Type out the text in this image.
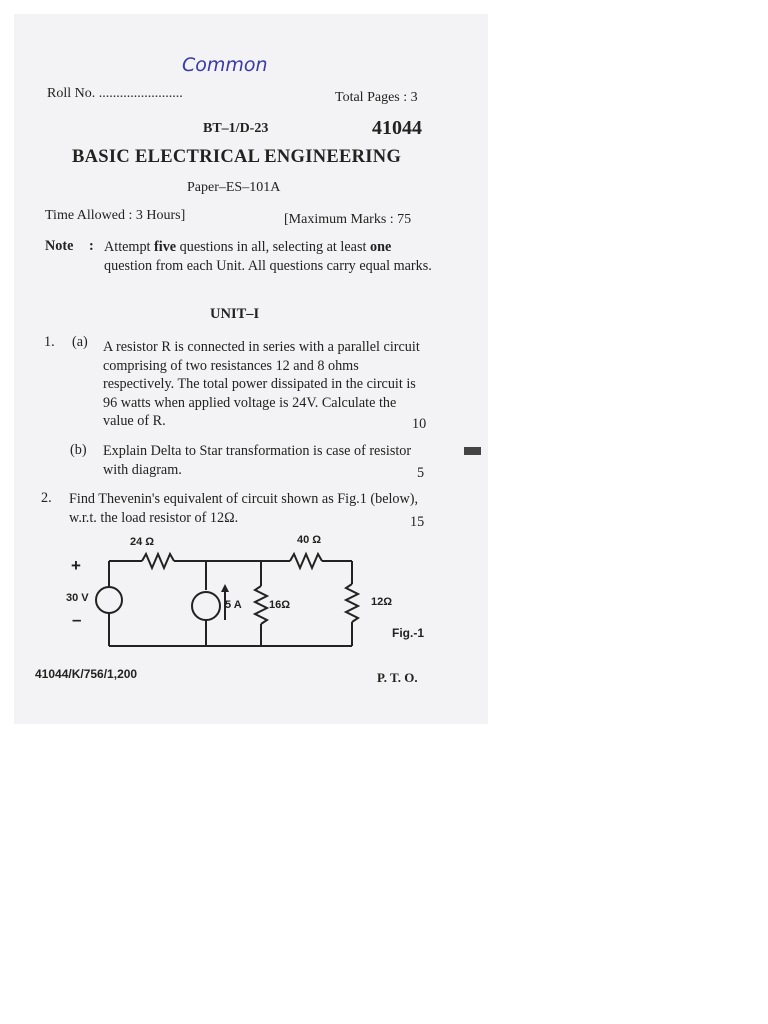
Common
Roll No. ........................	Total Pages : 3
BT–1/D-23	41044
BASIC ELECTRICAL ENGINEERING
Paper–ES–101A
Time Allowed : 3 Hours]	[Maximum Marks : 75
Note : Attempt five questions in all, selecting at least one question from each Unit. All questions carry equal marks.
UNIT–I
1. (a) A resistor R is connected in series with a parallel circuit comprising of two resistances 12 and 8 ohms respectively. The total power dissipated in the circuit is 96 watts when applied voltage is 24V. Calculate the value of R.	10
(b) Explain Delta to Star transformation is case of resistor with diagram.	5
2. Find Thevenin's equivalent of circuit shown as Fig.1 (below), w.r.t. the load resistor of 12Ω.	15
24 Ω	40 Ω
+
30 V
–
5 A 16Ω	12Ω
Fig.-1
41044/K/756/1,200	P. T. O.
